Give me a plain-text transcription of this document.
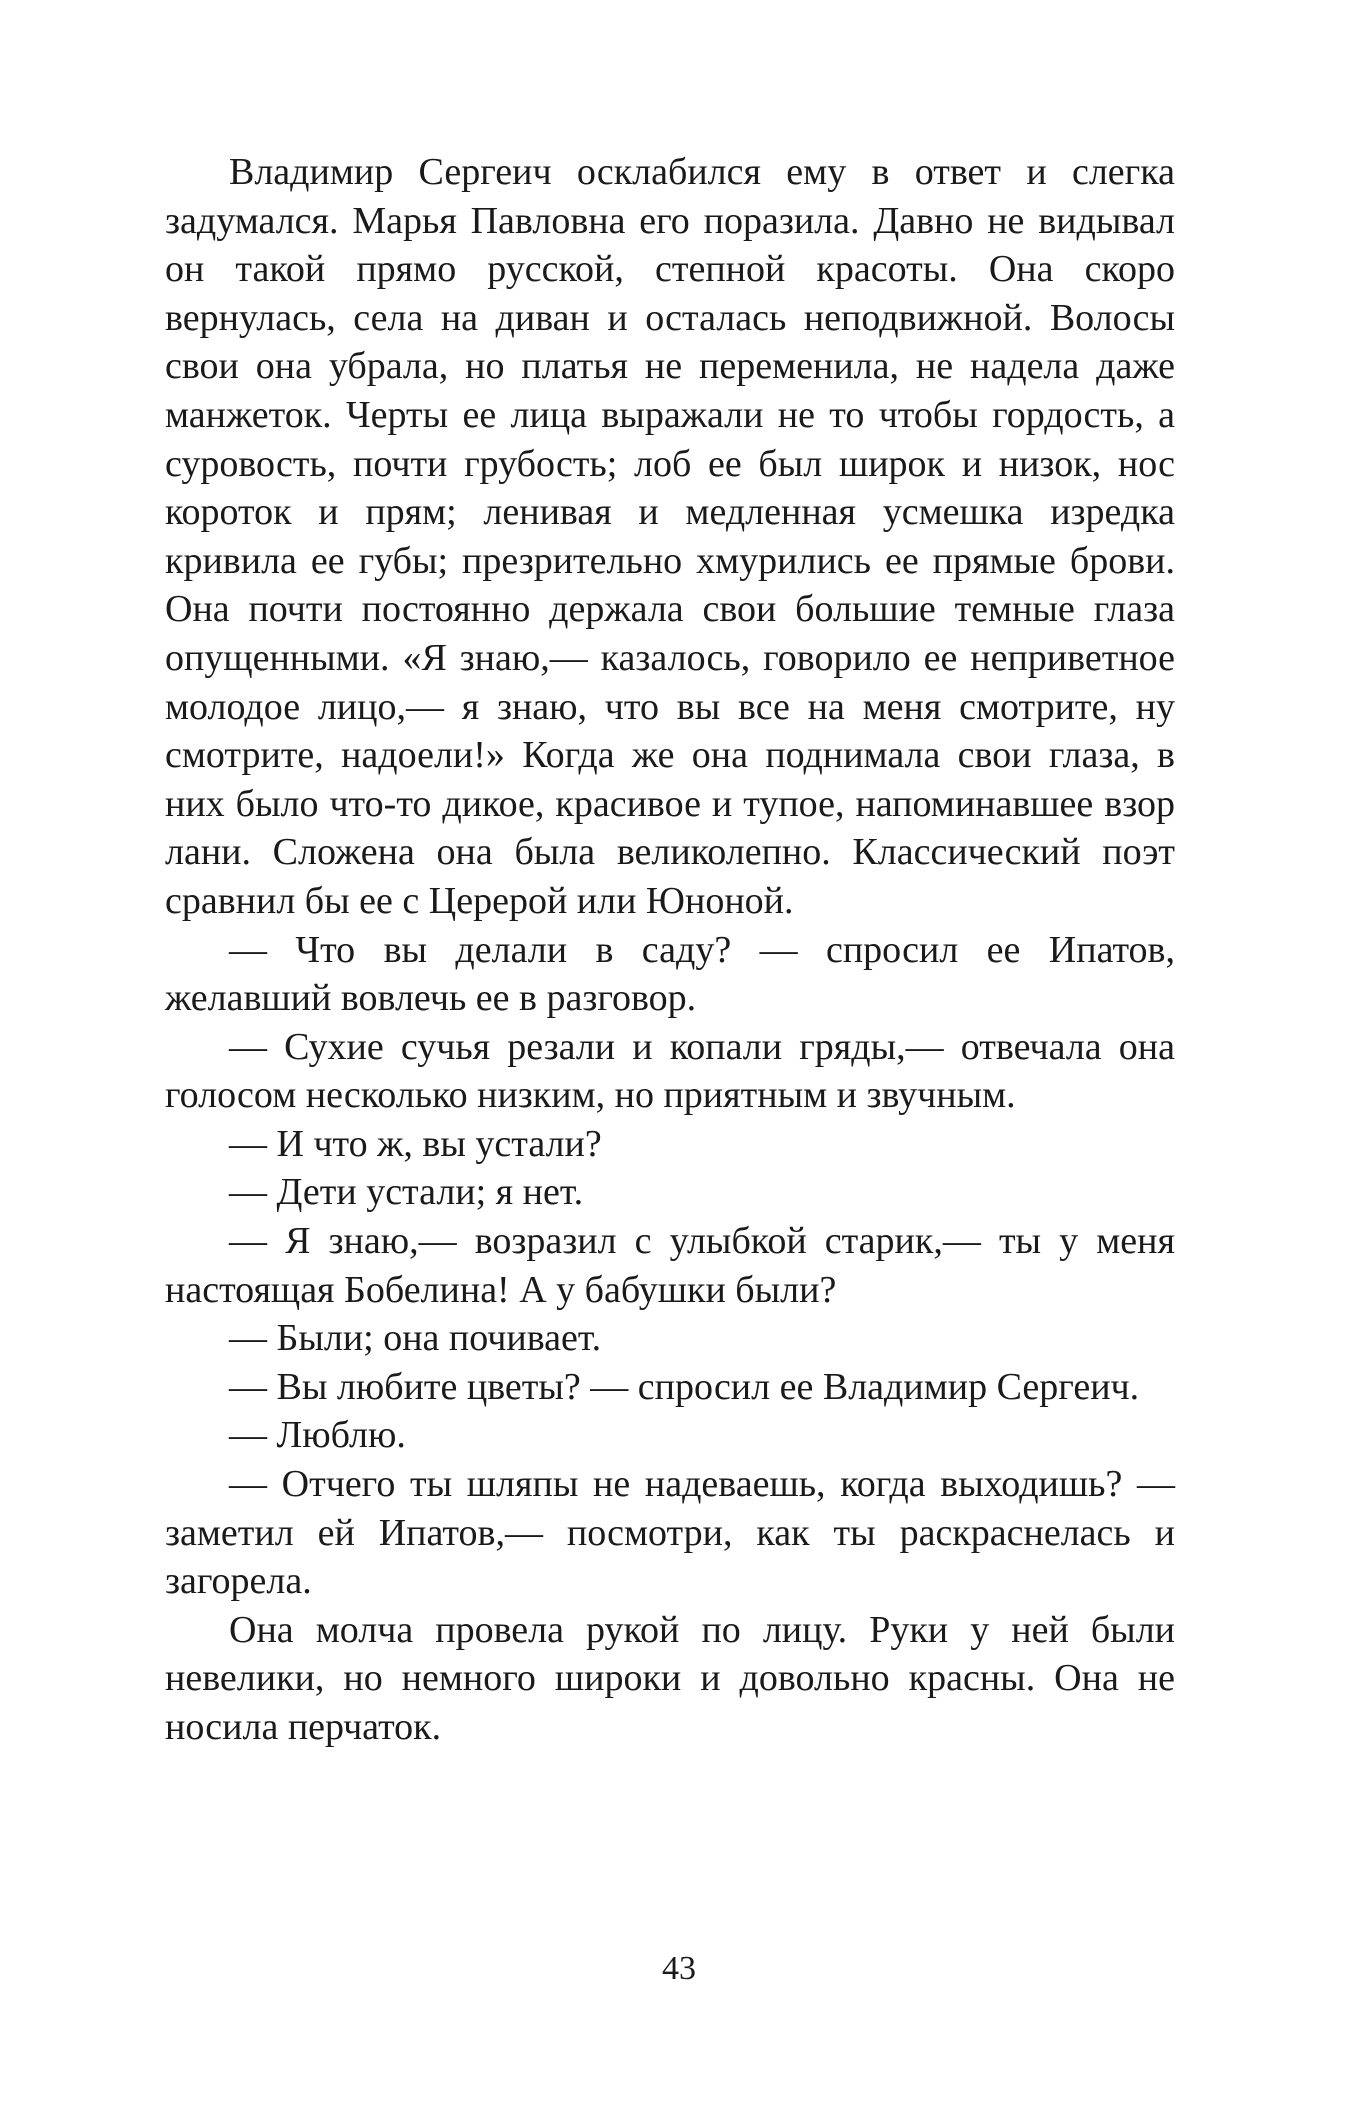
Владимир Сергеич осклабился ему в ответ и слегка задумался. Марья Павловна его поразила. Давно не видывал он такой прямо русской, степной красоты. Она скоро вернулась, села на диван и осталась неподвижной. Волосы свои она убрала, но платья не переменила, не надела даже манжеток. Черты ее лица выражали не то чтобы гордость, а суровость, почти грубость; лоб ее был широк и низок, нос короток и прям; ленивая и медленная усмешка изредка кривила ее губы; презрительно хмурились ее прямые брови. Она почти постоянно держала свои большие темные глаза опущенными. «Я знаю,— казалось, говорило ее неприветное молодое лицо,— я знаю, что вы все на меня смотрите, ну смотрите, надоели!» Когда же она поднимала свои глаза, в них было что-то дикое, красивое и тупое, напоминавшее взор лани. Сложена она была великолепно. Классический поэт сравнил бы ее с Церерой или Юноной.

— Что вы делали в саду? — спросил ее Ипатов, желавший вовлечь ее в разговор.

— Сухие сучья резали и копали гряды,— отвечала она голосом несколько низким, но приятным и звучным.

— И что ж, вы устали?

— Дети устали; я нет.

— Я знаю,— возразил с улыбкой старик,— ты у меня настоящая Бобелина! А у бабушки были?

— Были; она почивает.

— Вы любите цветы? — спросил ее Владимир Сергеич.

— Люблю.

— Отчего ты шляпы не надеваешь, когда выходишь? — заметил ей Ипатов,— посмотри, как ты раскраснелась и загорела.

Она молча провела рукой по лицу. Руки у ней были невелики, но немного широки и довольно красны. Она не носила перчаток.

43
